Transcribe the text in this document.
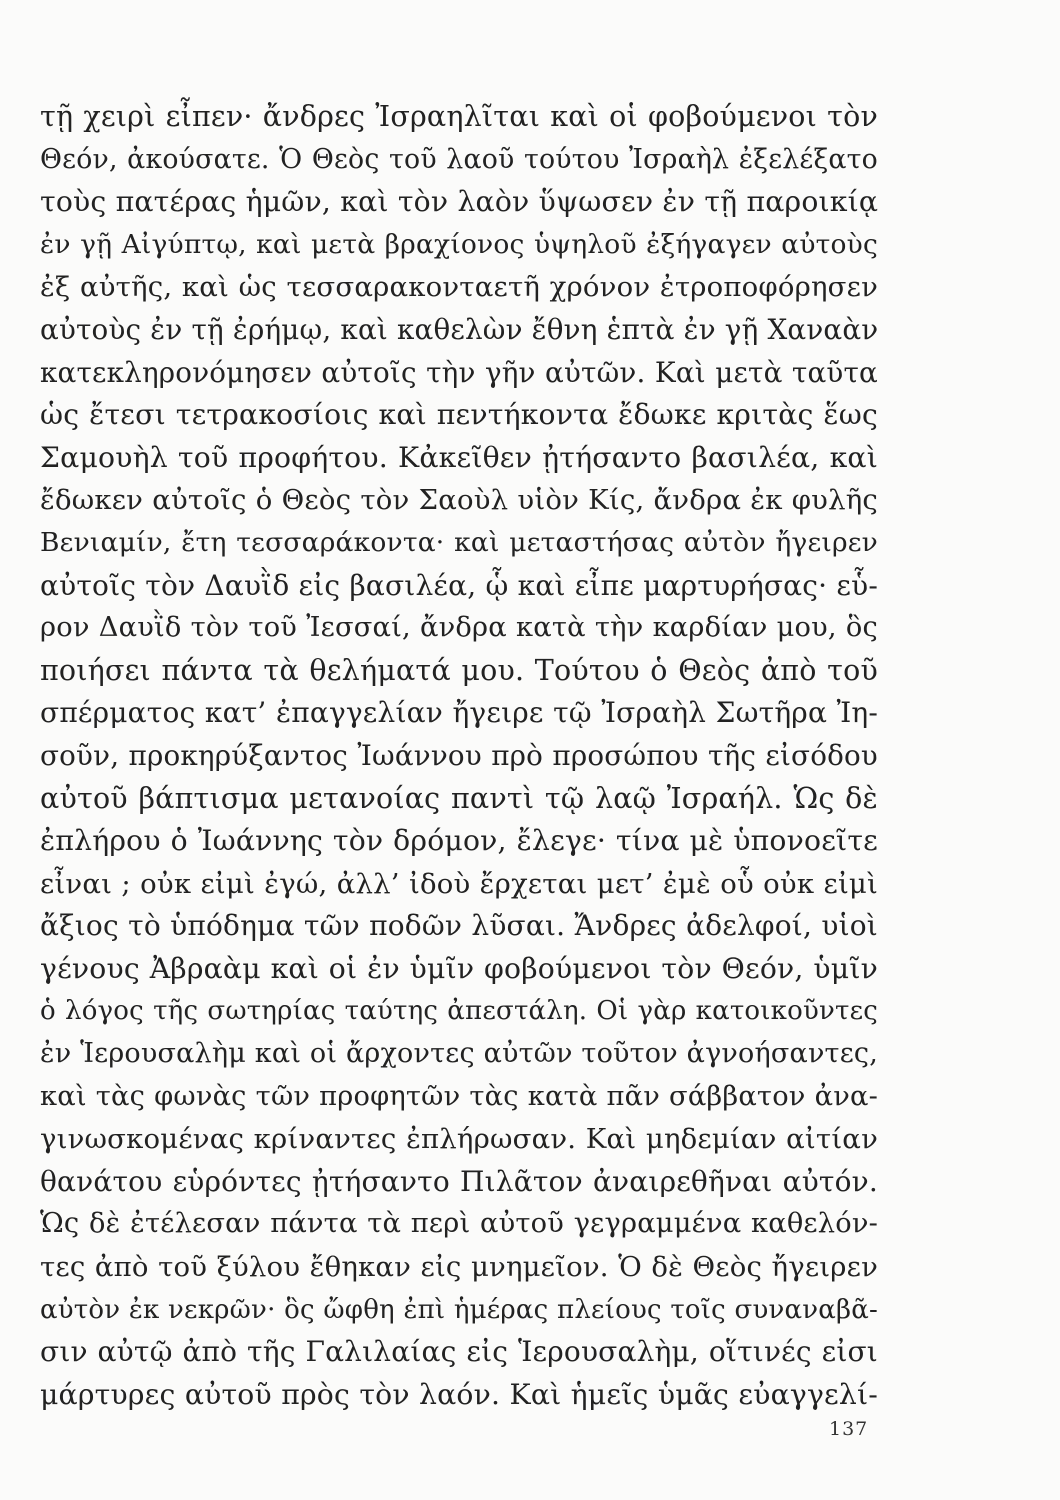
τῇ χειρὶ εἶπεν· ἄνδρες Ἰσραηλῖται καὶ οἱ φοβούμενοι τὸν
Θεόν, ἀκούσατε. Ὁ Θεὸς τοῦ λαοῦ τούτου Ἰσραὴλ ἐξελέξατο
τοὺς πατέρας ἡμῶν, καὶ τὸν λαὸν ὕψωσεν ἐν τῇ παροικίᾳ
ἐν γῇ Αἰγύπτῳ, καὶ μετὰ βραχίονος ὑψηλοῦ ἐξήγαγεν αὐτοὺς
ἐξ αὐτῆς, καὶ ὡς τεσσαρακονταετῆ χρόνον ἐτροποφόρησεν
αὐτοὺς ἐν τῇ ἐρήμῳ, καὶ καθελὼν ἔθνη ἑπτὰ ἐν γῇ Χαναὰν
κατεκληρονόμησεν αὐτοῖς τὴν γῆν αὐτῶν. Καὶ μετὰ ταῦτα
ὡς ἔτεσι τετρακοσίοις καὶ πεντήκοντα ἔδωκε κριτὰς ἕως
Σαμουὴλ τοῦ προφήτου. Κἀκεῖθεν ᾐτήσαντο βασιλέα, καὶ
ἔδωκεν αὐτοῖς ὁ Θεὸς τὸν Σαοὺλ υἱὸν Κίς, ἄνδρα ἐκ φυλῆς
Βενιαμίν, ἔτη τεσσαράκοντα· καὶ μεταστήσας αὐτὸν ἤγειρεν
αὐτοῖς τὸν Δαυῒδ εἰς βασιλέα, ᾧ καὶ εἶπε μαρτυρήσας· εὗ-
ρον Δαυῒδ τὸν τοῦ Ἰεσσαί, ἄνδρα κατὰ τὴν καρδίαν μου, ὃς
ποιήσει πάντα τὰ θελήματά μου. Τούτου ὁ Θεὸς ἀπὸ τοῦ
σπέρματος κατ’ ἐπαγγελίαν ἤγειρε τῷ Ἰσραὴλ Σωτῆρα Ἰη-
σοῦν, προκηρύξαντος Ἰωάννου πρὸ προσώπου τῆς εἰσόδου
αὐτοῦ βάπτισμα μετανοίας παντὶ τῷ λαῷ Ἰσραήλ. Ὡς δὲ
ἐπλήρου ὁ Ἰωάννης τὸν δρόμον, ἔλεγε· τίνα μὲ ὑπονοεῖτε
εἶναι ; οὐκ εἰμὶ ἐγώ, ἀλλ’ ἰδοὺ ἔρχεται μετ’ ἐμὲ οὗ οὐκ εἰμὶ
ἄξιος τὸ ὑπόδημα τῶν ποδῶν λῦσαι. Ἄνδρες ἀδελφοί, υἱοὶ
γένους Ἀβραὰμ καὶ οἱ ἐν ὑμῖν φοβούμενοι τὸν Θεόν, ὑμῖν
ὁ λόγος τῆς σωτηρίας ταύτης ἀπεστάλη. Οἱ γὰρ κατοικοῦντες
ἐν Ἱερουσαλὴμ καὶ οἱ ἄρχοντες αὐτῶν τοῦτον ἀγνοήσαντες,
καὶ τὰς φωνὰς τῶν προφητῶν τὰς κατὰ πᾶν σάββατον ἀνα-
γινωσκομένας κρίναντες ἐπλήρωσαν. Καὶ μηδεμίαν αἰτίαν
θανάτου εὑρόντες ᾐτήσαντο Πιλᾶτον ἀναιρεθῆναι αὐτόν.
Ὡς δὲ ἐτέλεσαν πάντα τὰ περὶ αὐτοῦ γεγραμμένα καθελόν-
τες ἀπὸ τοῦ ξύλου ἔθηκαν εἰς μνημεῖον. Ὁ δὲ Θεὸς ἤγειρεν
αὐτὸν ἐκ νεκρῶν· ὃς ὤφθη ἐπὶ ἡμέρας πλείους τοῖς συναναβᾶ-
σιν αὐτῷ ἀπὸ τῆς Γαλιλαίας εἰς Ἱερουσαλὴμ, οἵτινές εἰσι
μάρτυρες αὐτοῦ πρὸς τὸν λαόν. Καὶ ἡμεῖς ὑμᾶς εὐαγγελί-
137
